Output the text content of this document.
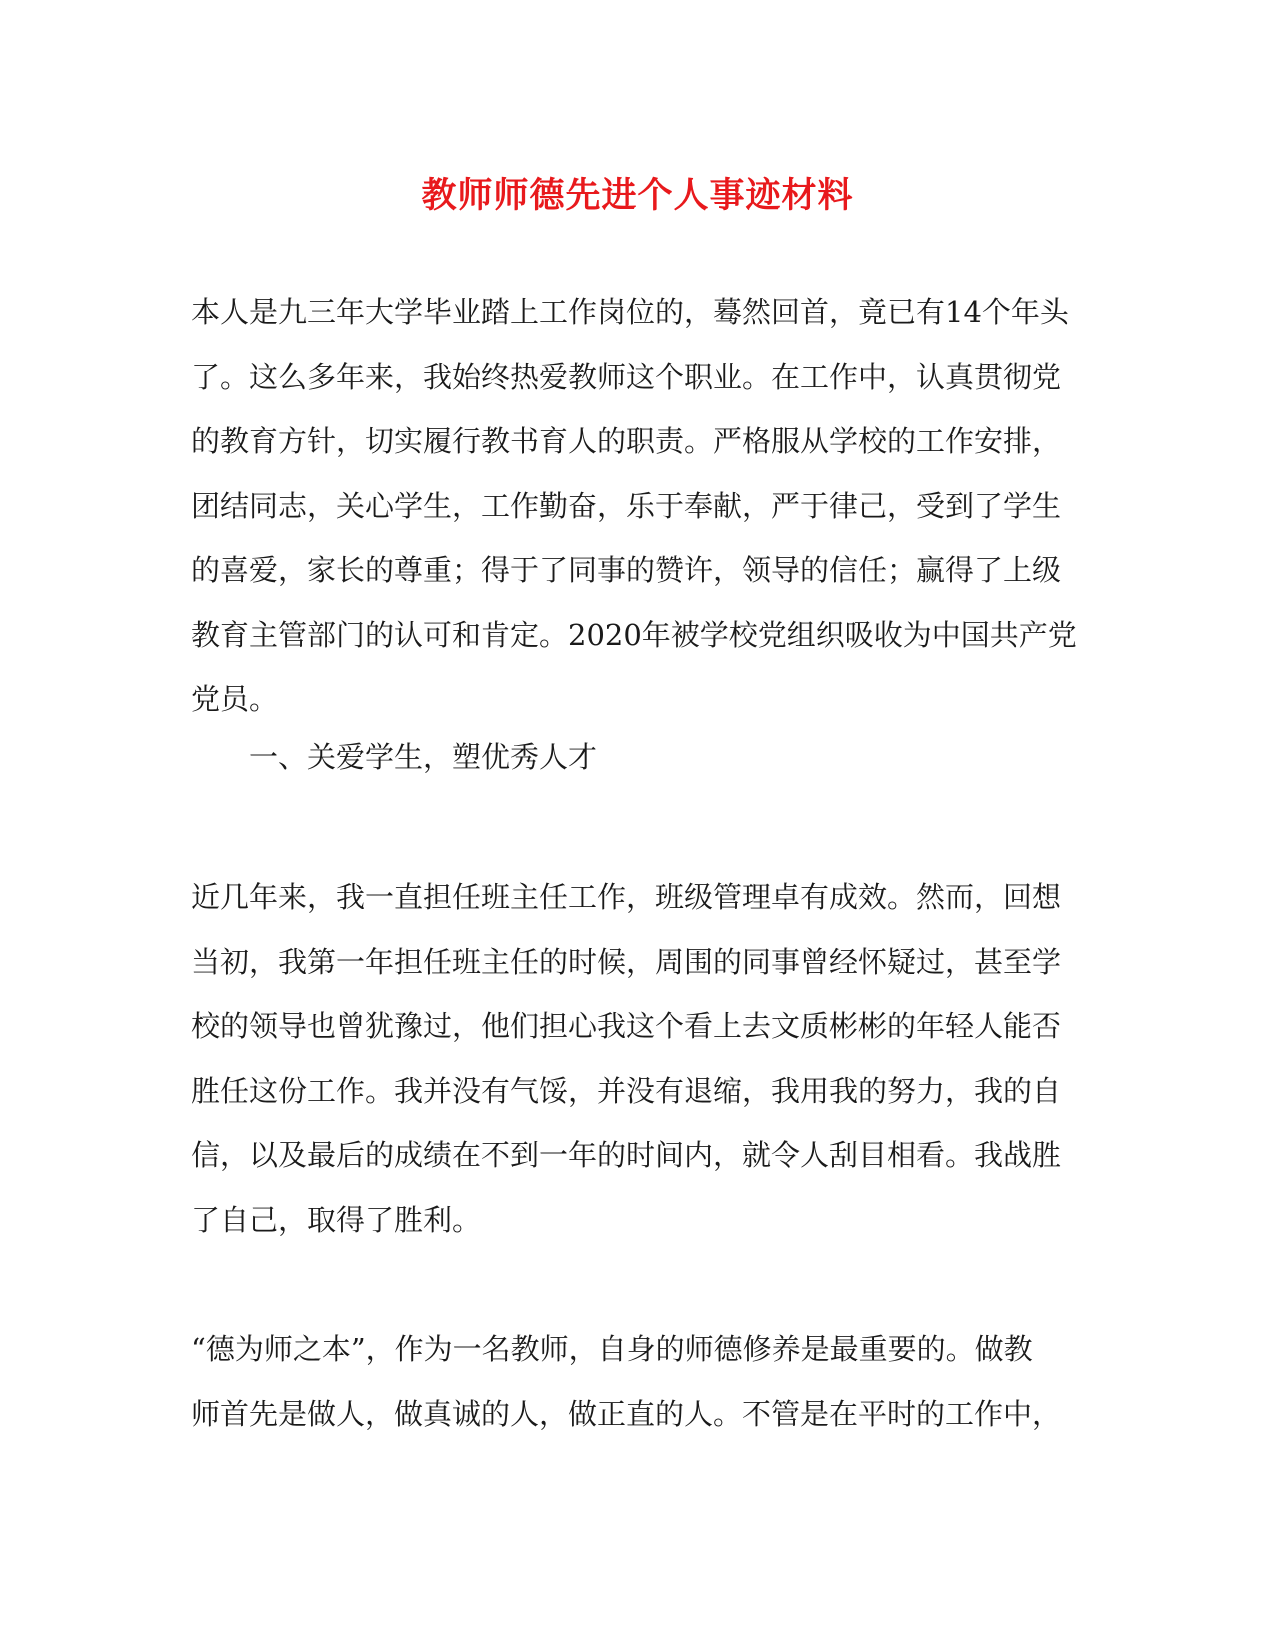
教师师德先进个人事迹材料
本人是九三年大学毕业踏上工作岗位的，蓦然回首，竟已有14个年头
了。这么多年来，我始终热爱教师这个职业。在工作中，认真贯彻党
的教育方针，切实履行教书育人的职责。严格服从学校的工作安排，
团结同志，关心学生，工作勤奋，乐于奉献，严于律己，受到了学生
的喜爱，家长的尊重；得于了同事的赞许，领导的信任；赢得了上级
教育主管部门的认可和肯定。2020年被学校党组织吸收为中国共产党
党员。
一、关爱学生，塑优秀人才
近几年来，我一直担任班主任工作，班级管理卓有成效。然而，回想
当初，我第一年担任班主任的时候，周围的同事曾经怀疑过，甚至学
校的领导也曾犹豫过，他们担心我这个看上去文质彬彬的年轻人能否
胜任这份工作。我并没有气馁，并没有退缩，我用我的努力，我的自
信，以及最后的成绩在不到一年的时间内，就令人刮目相看。我战胜
了自己，取得了胜利。
“德为师之本”，作为一名教师，自身的师德修养是最重要的。做教
师首先是做人，做真诚的人，做正直的人。不管是在平时的工作中，
